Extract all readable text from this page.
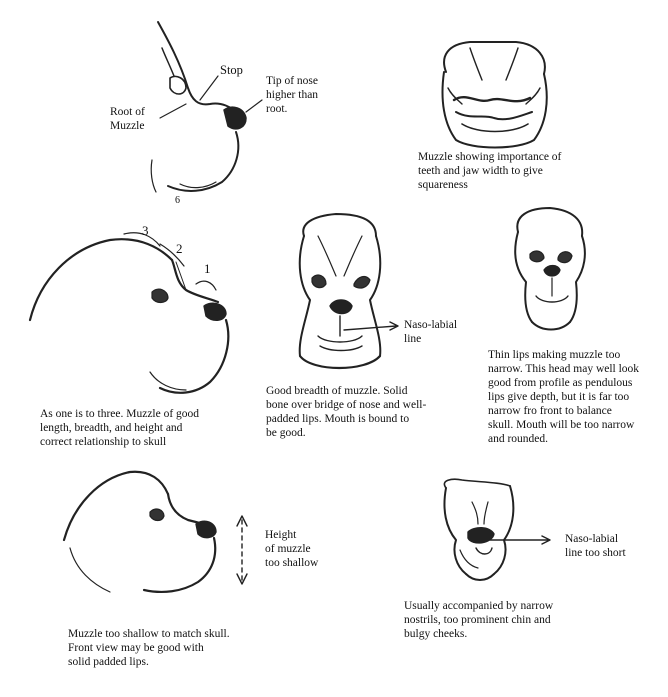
Stop
Tip of nose
higher than
root.
Root of
Muzzle
6
Muzzle showing importance of
teeth and jaw width to give
squareness
3
2
1
Naso-labial
line
As one is to three. Muzzle of good
length, breadth, and height and
correct relationship to skull
Good breadth of muzzle. Solid
bone over bridge of nose and well-
padded lips. Mouth is bound to
be good.
Thin lips making muzzle too
narrow. This head may well look
good from profile as pendulous
lips give depth, but it is far too
narrow fro front to balance
skull. Mouth will be too narrow
and rounded.
Height
of muzzle
too shallow
Naso-labial
line too short
Muzzle too shallow to match skull.
Front view may be good with
solid padded lips.
Usually accompanied by narrow
nostrils, too prominent chin and
bulgy cheeks.
